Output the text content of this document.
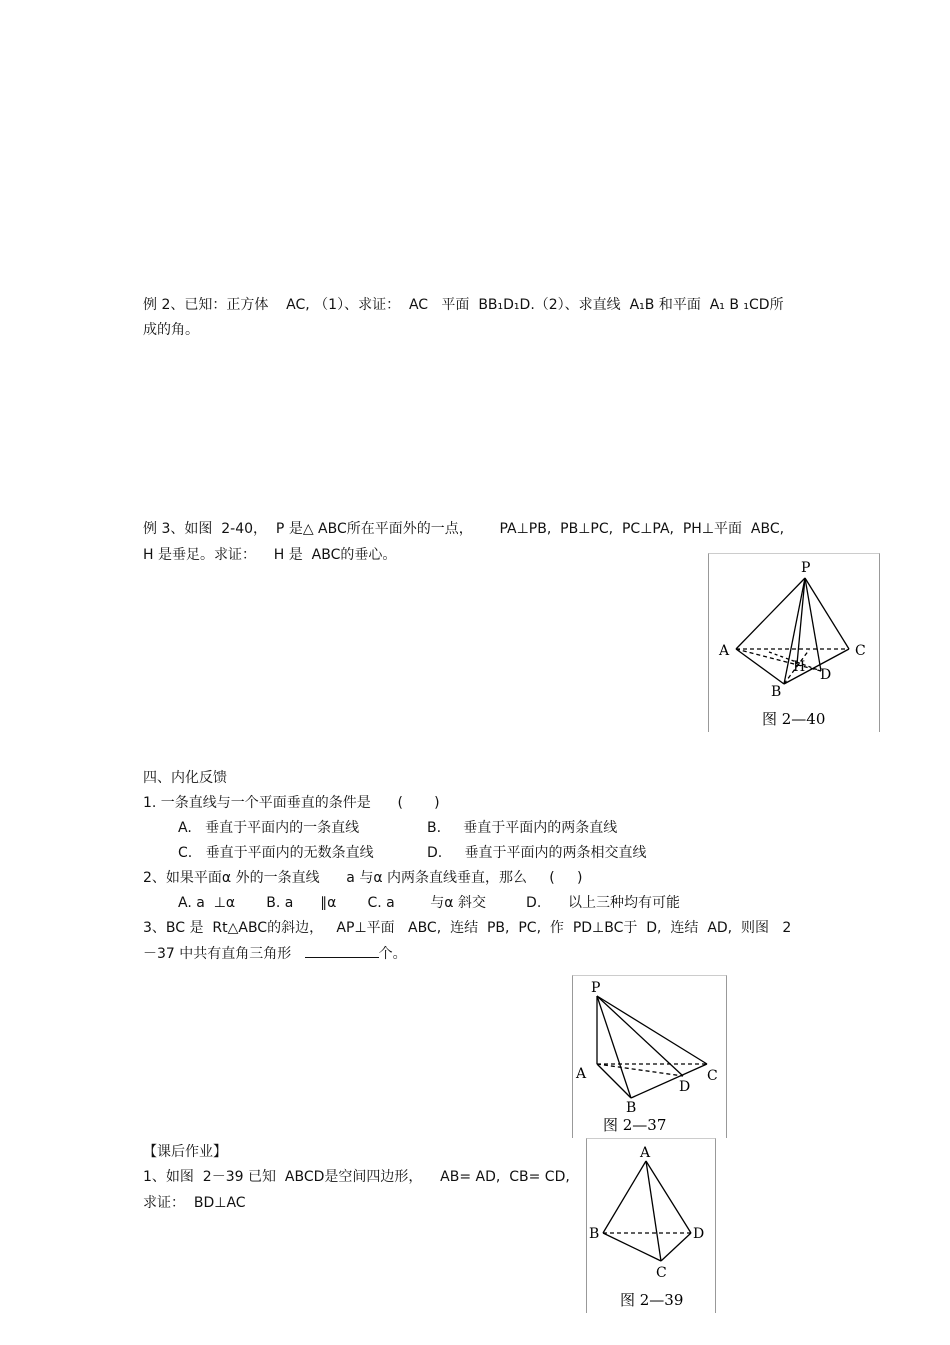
例 2、已知：正方体    AC, （1）、求证：  AC   平面  BB₁D₁D.（2）、求直线  A₁B 和平面  A₁ B ₁CD所
成的角。
例 3、如图  2-40，  P 是△ ABC所在平面外的一点，      PA⊥PB,  PB⊥PC,  PC⊥PA,  PH⊥平面  ABC,
H 是垂足。求证：    H 是  ABC的垂心。
P
A
B
C
D
H
图 2—40
四、内化反馈
1. 一条直线与一个平面垂直的条件是      (       )
A.   垂直于平面内的一条直线	B.     垂直于平面内的两条直线
C.   垂直于平面内的无数条直线	D.     垂直于平面内的两条相交直线
2、如果平面α 外的一条直线      a 与α 内两条直线垂直，那么     (     )
A. a  ⊥α       B. a      ∥α       C. a        与α 斜交         D.      以上三种均有可能
3、BC 是  Rt△ABC的斜边，   AP⊥平面   ABC,  连结  PB,  PC,  作  PD⊥BC于  D,  连结  AD,  则图   2
－37 中共有直角三角形	个。
P
A
B
C
D
图 2—37
【课后作业】
1、如图  2－39 已知  ABCD是空间四边形，    AB= AD,  CB= CD,
求证：  BD⊥AC
A
B
C
D
图 2—39
